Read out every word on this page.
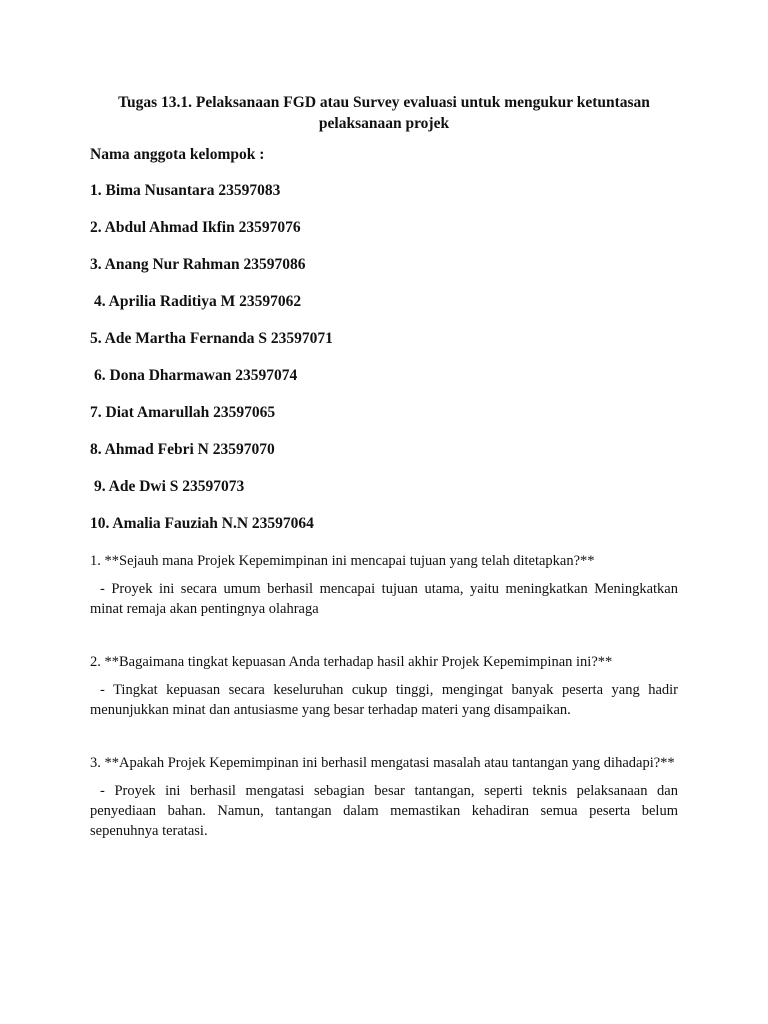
Tugas 13.1. Pelaksanaan FGD atau Survey evaluasi untuk mengukur ketuntasan pelaksanaan projek

Nama anggota kelompok :

1. Bima Nusantara 23597083
2. Abdul Ahmad Ikfin 23597076
3. Anang Nur Rahman 23597086
4. Aprilia Raditiya M 23597062
5. Ade Martha Fernanda S 23597071
6. Dona Dharmawan 23597074
7. Diat Amarullah 23597065
8. Ahmad Febri N 23597070
9. Ade Dwi S 23597073
10. Amalia Fauziah N.N 23597064

1. **Sejauh mana Projek Kepemimpinan ini mencapai tujuan yang telah ditetapkan?**

- Proyek ini secara umum berhasil mencapai tujuan utama, yaitu meningkatkan Meningkatkan minat remaja akan pentingnya olahraga

2. **Bagaimana tingkat kepuasan Anda terhadap hasil akhir Projek Kepemimpinan ini?**

- Tingkat kepuasan secara keseluruhan cukup tinggi, mengingat banyak peserta yang hadir menunjukkan minat dan antusiasme yang besar terhadap materi yang disampaikan.

3. **Apakah Projek Kepemimpinan ini berhasil mengatasi masalah atau tantangan yang dihadapi?**

- Proyek ini berhasil mengatasi sebagian besar tantangan, seperti teknis pelaksanaan dan penyediaan bahan. Namun, tantangan dalam memastikan kehadiran semua peserta belum sepenuhnya teratasi.
